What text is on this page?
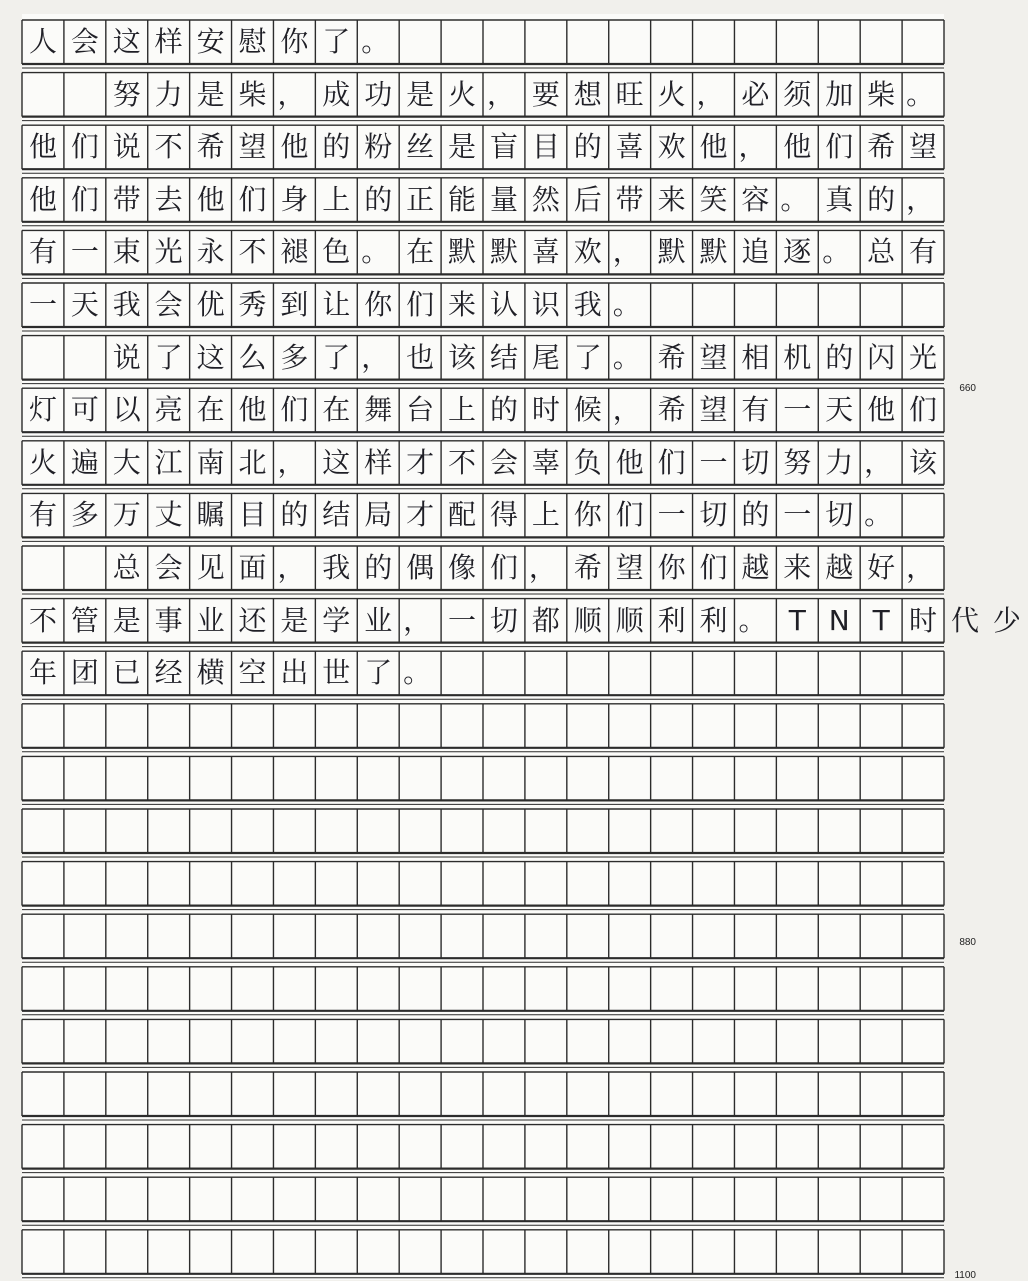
人 会 这 样 安 慰 你 了 。
努 力 是 柴 ， 成 功 是 火 ， 要 想 旺 火 ， 必 须 加 柴 。
他 们 说 不 希 望 他 的 粉 丝 是 盲 目 的 喜 欢 他 ， 他 们 希 望
他 们 带 去 他 们 身 上 的 正 能 量 然 后 带 来 笑 容 。 真 的 ，
有 一 束 光 永 不 褪 色 。 在 默 默 喜 欢 ， 默 默 追 逐 。 总 有
一 天 我 会 优 秀 到 让 你 们 来 认 识 我 。
说 了 这 么 多 了 ， 也 该 结 尾 了 。 希 望 相 机 的 闪 光
灯 可 以 亮 在 他 们 在 舞 台 上 的 时 候 ， 希 望 有 一 天 他 们
火 遍 大 江 南 北 ， 这 样 才 不 会 辜 负 他 们 一 切 努 力 ， 该
有 多 万 丈 瞩 目 的 结 局 才 配 得 上 你 们 一 切 的 一 切 。
总 会 见 面 ， 我 的 偶 像 们 ， 希 望 你 们 越 来 越 好 ，
不 管 是 事 业 还 是 学 业 ， 一 切 都 顺 顺 利 利 。 T N T 时 代 少
年 团 已 经 横 空 出 世 了 。
660
880
1100
